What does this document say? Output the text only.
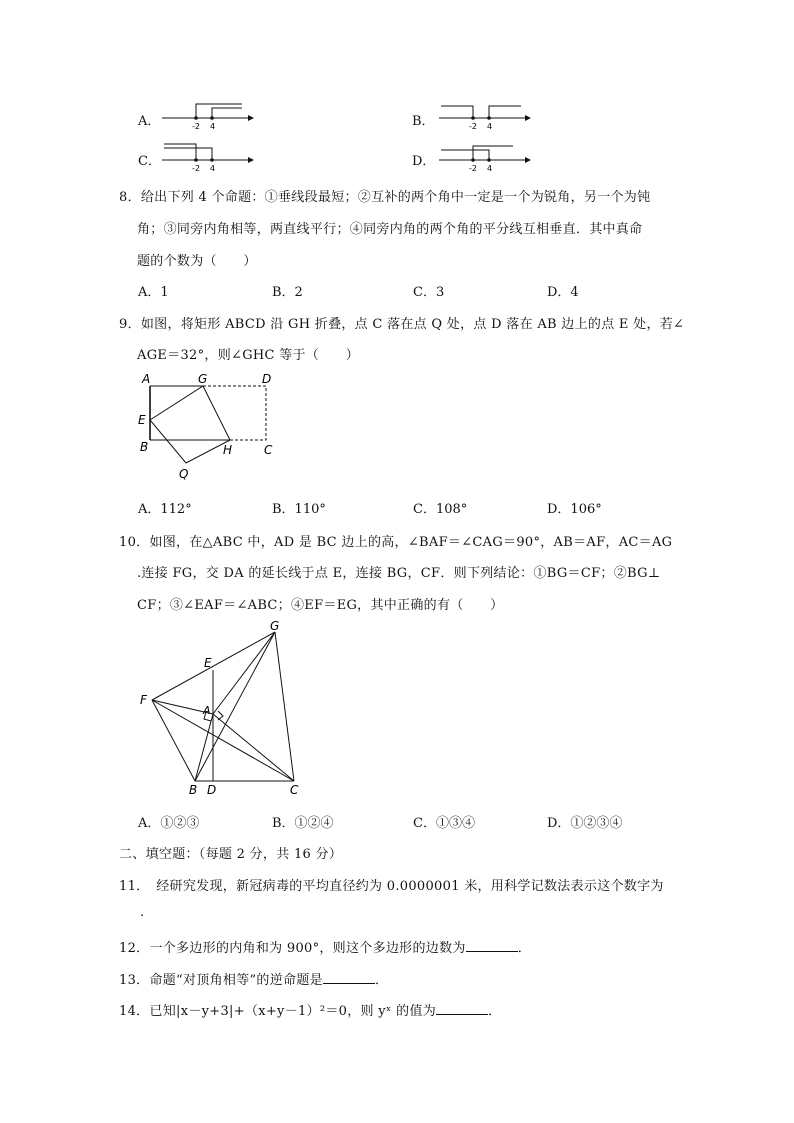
A．	-2 4	B．	-2 4
C．	-2 4	D．	-2 4
8．给出下列 4 个命题：①垂线段最短；②互补的两个角中一定是一个为锐角，另一个为钝
角；③同旁内角相等，两直线平行；④同旁内角的两个角的平分线互相垂直．其中真命
题的个数为（　　）
A．1	B．2	C．3	D．4
9．如图，将矩形 ABCD 沿 GH 折叠，点 C 落在点 Q 处，点 D 落在 AB 边上的点 E 处，若∠
AGE＝32°，则∠GHC 等于（　　）
A	G	D
E
B	H	C
Q
A．112°	B．110°	C．108°	D．106°
10．如图，在△ABC 中，AD 是 BC 边上的高，∠BAF＝∠CAG＝90°，AB＝AF，AC＝AG
.连接 FG，交 DA 的延长线于点 E，连接 BG，CF．则下列结论：①BG＝CF；②BG⊥
CF；③∠EAF＝∠ABC；④EF＝EG，其中正确的有（　　）
G
E
F
A
B D	C
A．①②③	B．①②④	C．①③④	D．①②③④
二、填空题：（每题 2 分，共 16 分）
11．　经研究发现，新冠病毒的平均直径约为 0.0000001 米，用科学记数法表示这个数字为
.
12．一个多边形的内角和为 900°，则这个多边形的边数为	．
13．命题“对顶角相等”的逆命题是	．
14．已知|x－y+3|+（x+y－1）²＝0，则 yˣ 的值为	．
